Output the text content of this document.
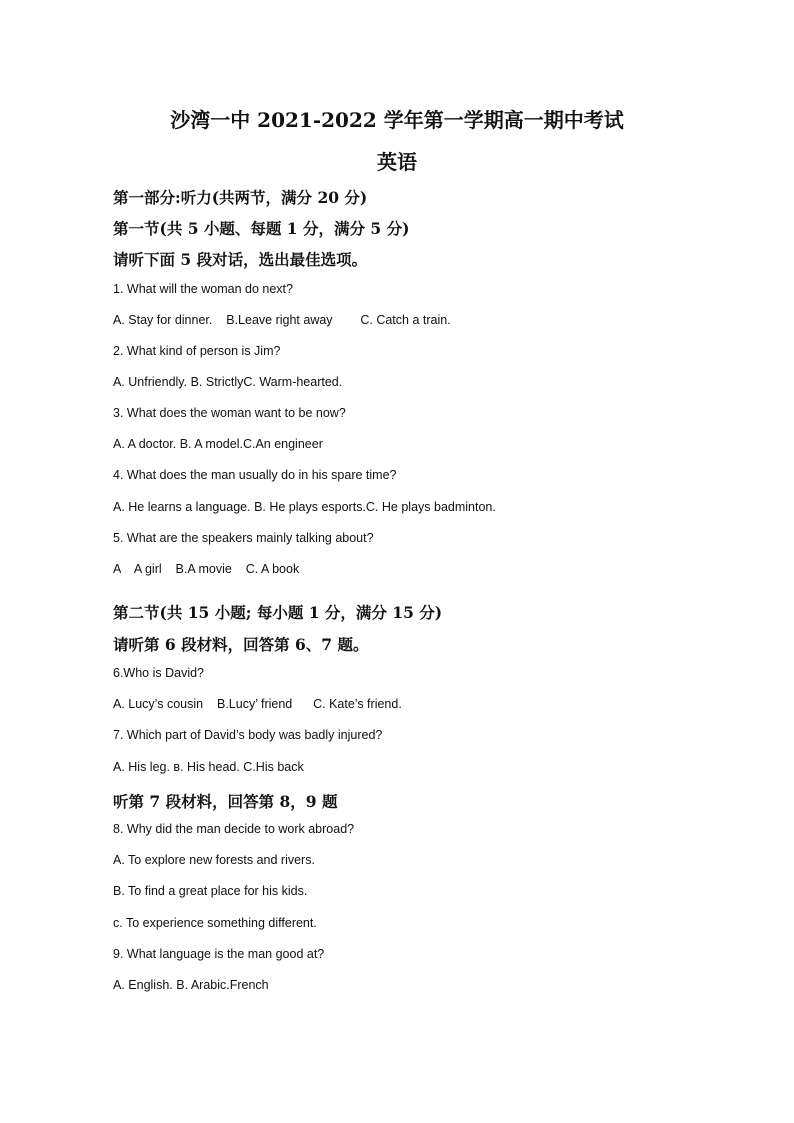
沙湾一中 2021-2022 学年第一学期高一期中考试
英语
第一部分:听力(共两节，满分 20 分)
第一节(共 5 小题、每题 1 分，满分 5 分)
请听下面 5 段对话，选出最佳选项。
1. What will the woman do next?
A. Stay for dinner.    B.Leave right away        C. Catch a train.
2. What kind of person is Jim?
A. Unfriendly. B. StrictlyC. Warm-hearted.
3. What does the woman want to be now?
A. A doctor. B. A model.C.An engineer
4. What does the man usually do in his spare time?
A. He learns a language. B. He plays esports.C. He plays badminton.
5. What are the speakers mainly talking about?
A    A girl    B.A movie    C. A book
第二节(共 15 小题; 每小题 1 分，满分 15 分)
请听第 6 段材料，回答第 6、7 题。
6.Who is David?
A. Lucy’s cousin    B.Lucy’ friend      C. Kate’s friend.
7. Which part of David’s body was badly injured?
A. His leg. в. His head. C.His back
听第 7 段材料，回答第 8，9 题
8. Why did the man decide to work abroad?
A. To explore new forests and rivers.
B. To find a great place for his kids.
c. To experience something different.
9. What language is the man good at?
A. English. B. Arabic.French
